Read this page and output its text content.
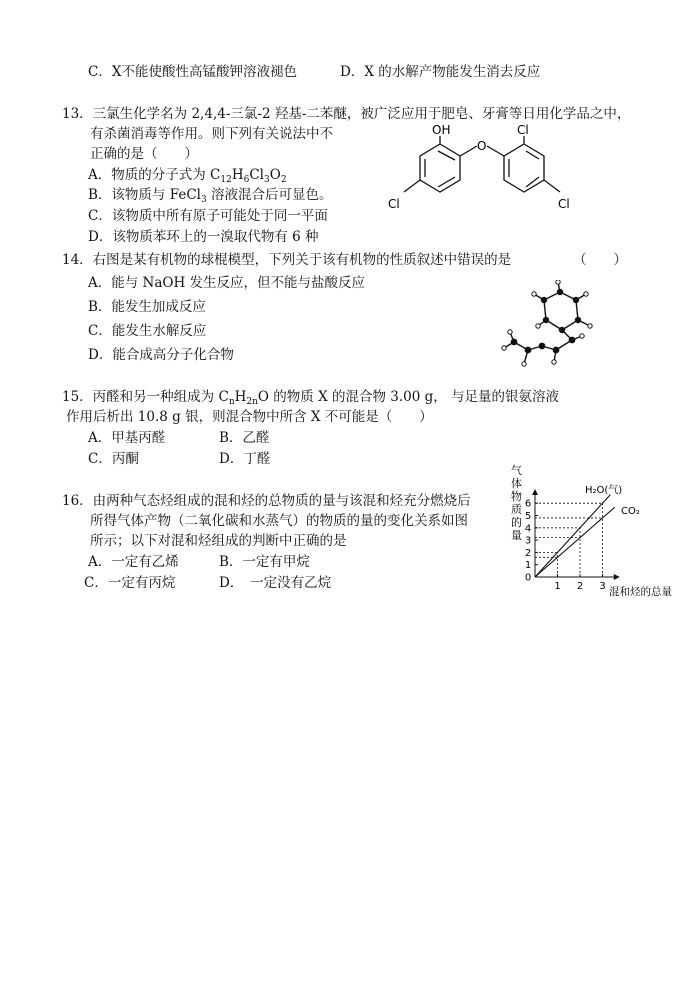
C．X不能使酸性高锰酸钾溶液褪色	D．X 的水解产物能发生消去反应
13．三氯生化学名为 2,4,4-三氯-2 羟基-二苯醚，被广泛应用于肥皂、牙膏等日用化学品之中，
有杀菌消毒等作用。则下列有关说法中不
正确的是（　　）
A．物质的分子式为 $C_{12}H_6Cl_3O_2$
B．该物质与 FeCl$_3$ 溶液混合后可显色。
C．该物质中所有原子可能处于同一平面
D．该物质苯环上的一溴取代物有 6 种
OH
O
Cl
Cl	Cl
14．右图是某有机物的球棍模型，下列关于该有机物的性质叙述中错误的是	（　　）
A．能与 NaOH 发生反应，但不能与盐酸反应
B．能发生加成反应
C．能发生水解反应
D．能合成高分子化合物
15．丙醛和另一种组成为 $C_nH_{2n}O$ 的物质 X 的混合物 3.00 g， 与足量的银氨溶液
作用后析出 10.8 g 银，则混合物中所含 X 不可能是（　　）
A．甲基丙醛	B．乙醛
C．丙酮	D．丁醛
16．由两种气态烃组成的混和烃的总物质的量与该混和烃充分燃烧后
所得气体产物（二氧化碳和水蒸气）的物质的量的变化关系如图
所示；以下对混和烃组成的判断中正确的是
A．一定有乙烯	B．一定有甲烷
C．一定有丙烷	D．　一定没有乙烷	0
1
2
3
4
5
6
1 2 3
H₂O(气)
CO₂
气
体
物
质
的
量
混和烃的总量
